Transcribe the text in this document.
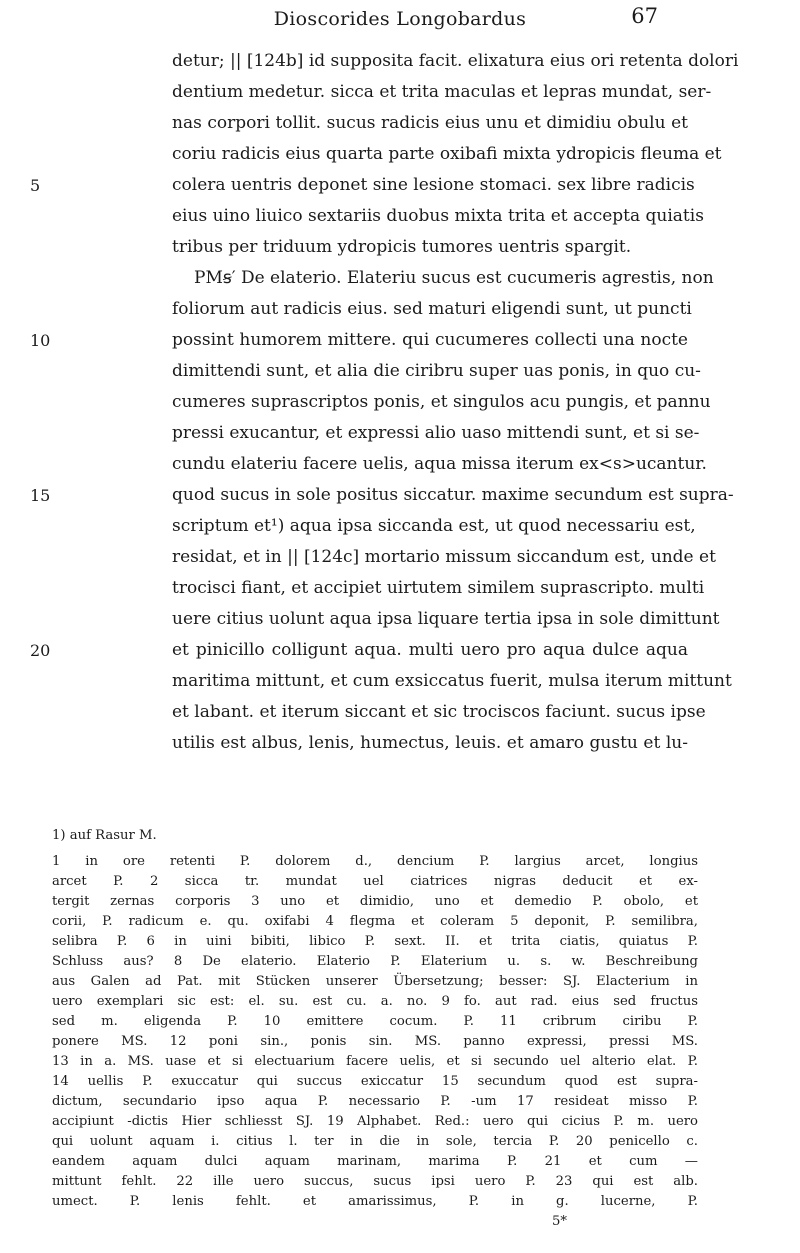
Dioscorides Longobardus	67
detur; || [124b] id supposita facit. elixatura eius ori retenta dolori
dentium medetur. sicca et trita maculas et lepras mundat, ser-
nas corpori tollit. sucus radicis eius unu et dimidiu obulu et
coriu radicis eius quarta parte oxibafi mixta ydropicis fleuma et
5	colera uentris deponet sine lesione stomaci. sex libre radicis
eius uino liuico sextariis duobus mixta trita et accepta quiatis
tribus per triduum ydropicis tumores uentris spargit.
PMꞩ′ De elaterio. Elateriu sucus est cucumeris agrestis, non
foliorum aut radicis eius. sed maturi eligendi sunt, ut puncti
10	possint humorem mittere. qui cucumeres collecti una nocte
dimittendi sunt, et alia die ciribru super uas ponis, in quo cu-
cumeres suprascriptos ponis, et singulos acu pungis, et pannu
pressi exucantur, et expressi alio uaso mittendi sunt, et si se-
cundu elateriu facere uelis, aqua missa iterum ex<s>ucantur.
15	quod sucus in sole positus siccatur. maxime secundum est supra-
scriptum et¹) aqua ipsa siccanda est, ut quod necessariu est,
residat, et in || [124c] mortario missum siccandum est, unde et
trocisci fiant, et accipiet uirtutem similem suprascripto. multi
uere citius uolunt aqua ipsa liquare tertia ipsa in sole dimittunt
20	et pinicillo colligunt aqua. multi uero pro aqua dulce aqua
maritima mittunt, et cum exsiccatus fuerit, mulsa iterum mittunt
et labant. et iterum siccant et sic trociscos faciunt. sucus ipse
utilis est albus, lenis, humectus, leuis. et amaro gustu et lu-
1) auf Rasur M.
1 in ore retenti P. dolorem d., dencium P. largius arcet, longius
arcet P. 2 sicca tr. mundat uel ciatrices nigras deducit et ex-
tergit zernas corporis 3 uno et dimidio, uno et demedio P. obolo, et
corii, P. radicum e. qu. oxifabi 4 flegma et coleram 5 deponit, P. semilibra,
selibra P. 6 in uini bibiti, libico P. sext. II. et trita ciatis, quiatus P.
Schluss aus? 8 De elaterio. Elaterio P. Elaterium u. s. w. Beschreibung
aus Galen ad Pat. mit Stücken unserer Übersetzung; besser: SJ. Elacterium in
uero exemplari sic est: el. su. est cu. a. no. 9 fo. aut rad. eius sed fructus
sed m. eligenda P. 10 emittere cocum. P. 11 cribrum ciribu P.
ponere MS. 12 poni sin., ponis sin. MS. panno expressi, pressi MS.
13 in a. MS. uase et si electuarium facere uelis, et si secundo uel alterio elat. P.
14 uellis P. exuccatur qui succus exiccatur 15 secundum quod est supra-
dictum, secundario ipso aqua P. necessario P. -um 17 resideat misso P.
accipiunt -dictis Hier schliesst SJ. 19 Alphabet. Red.: uero qui cicius P. m. uero
qui uolunt aquam i. citius l. ter in die in sole, tercia P. 20 penicello c.
eandem aquam dulci aquam marinam, marima P. 21 et cum —
mittunt fehlt. 22 ille uero succus, sucus ipsi uero P. 23 qui est alb.
umect. P. lenis fehlt. et amarissimus, P. in g. lucerne, P.
5*
